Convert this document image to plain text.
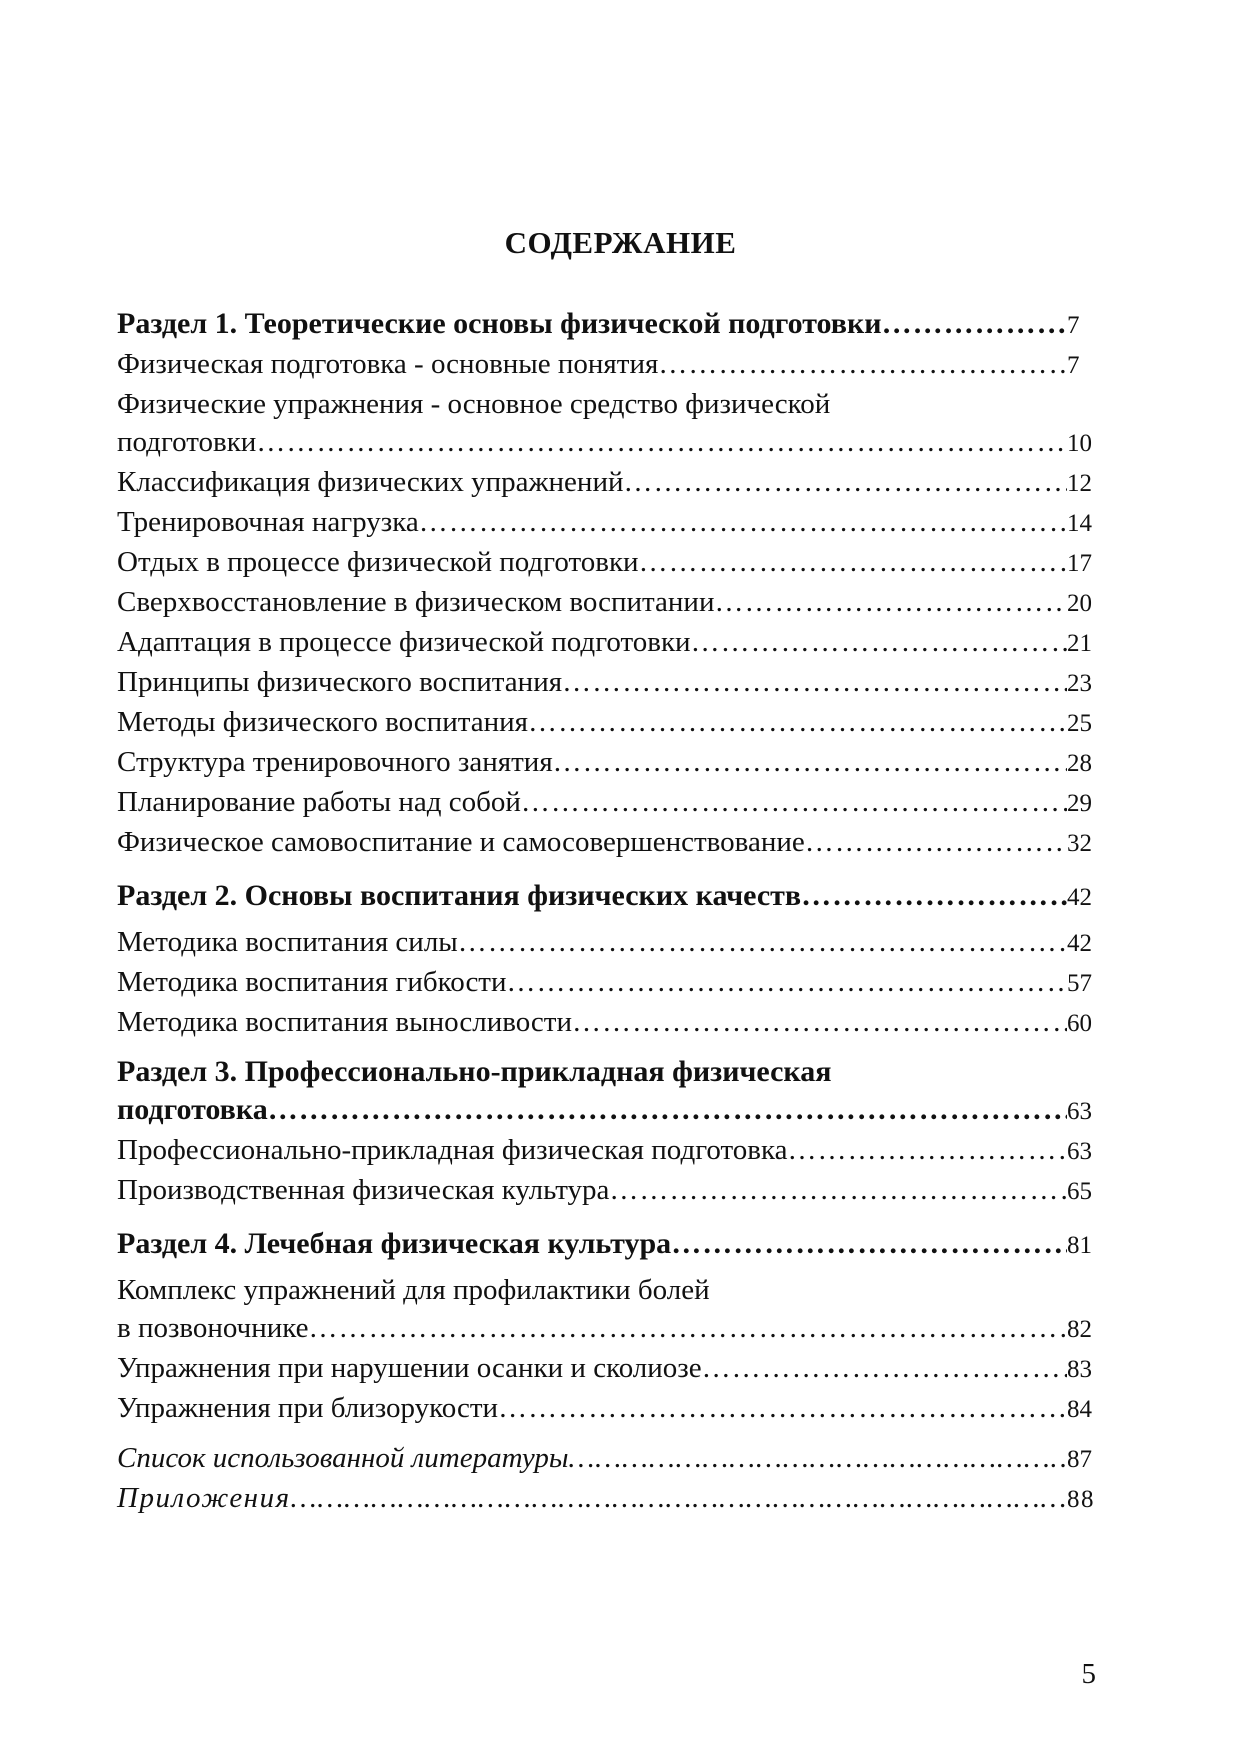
СОДЕРЖАНИЕ
Раздел 1. Теоретические основы физической подготовки …………………………………………………………………………………………………………………………………………………………………………………	7
Физическая подготовка - основные понятия …………………………………………………………………………………………………………………………………………………………………………………	7
Физические упражнения - основное средство физической
подготовки …………………………………………………………………………………………………………………………………………………………………………………	10
Классификация физических упражнений …………………………………………………………………………………………………………………………………………………………………………………	12
Тренировочная нагрузка …………………………………………………………………………………………………………………………………………………………………………………	14
Отдых в процессе физической подготовки …………………………………………………………………………………………………………………………………………………………………………………	17
Сверхвосстановление в физическом воспитании …………………………………………………………………………………………………………………………………………………………………………………	20
Адаптация в процессе физической подготовки …………………………………………………………………………………………………………………………………………………………………………………	21
Принципы физического воспитания …………………………………………………………………………………………………………………………………………………………………………………	23
Методы физического воспитания …………………………………………………………………………………………………………………………………………………………………………………	25
Структура тренировочного занятия …………………………………………………………………………………………………………………………………………………………………………………	28
Планирование работы над собой …………………………………………………………………………………………………………………………………………………………………………………	29
Физическое самовоспитание и самосовершенствование …………………………………………………………………………………………………………………………………………………………………………………	32
Раздел 2. Основы воспитания физических качеств …………………………………………………………………………………………………………………………………………………………………………………	42
Методика воспитания силы …………………………………………………………………………………………………………………………………………………………………………………	42
Методика воспитания гибкости …………………………………………………………………………………………………………………………………………………………………………………	57
Методика воспитания выносливости …………………………………………………………………………………………………………………………………………………………………………………	60
Раздел 3. Профессионально-прикладная физическая
подготовка …………………………………………………………………………………………………………………………………………………………………………………	63
Профессионально-прикладная физическая подготовка …………………………………………………………………………………………………………………………………………………………………………………	63
Производственная физическая культура …………………………………………………………………………………………………………………………………………………………………………………	65
Раздел 4. Лечебная физическая культура …………………………………………………………………………………………………………………………………………………………………………………	81
Комплекс упражнений для профилактики болей
в позвоночнике …………………………………………………………………………………………………………………………………………………………………………………	82
Упражнения при нарушении осанки и сколиозе …………………………………………………………………………………………………………………………………………………………………………………	83
Упражнения при близорукости …………………………………………………………………………………………………………………………………………………………………………………	84
Список использованной литературы …………………………………………………………………………………………………………………………………………………………………………………	87
Приложения …………………………………………………………………………………………………………………………………………………………………………………	88

5
